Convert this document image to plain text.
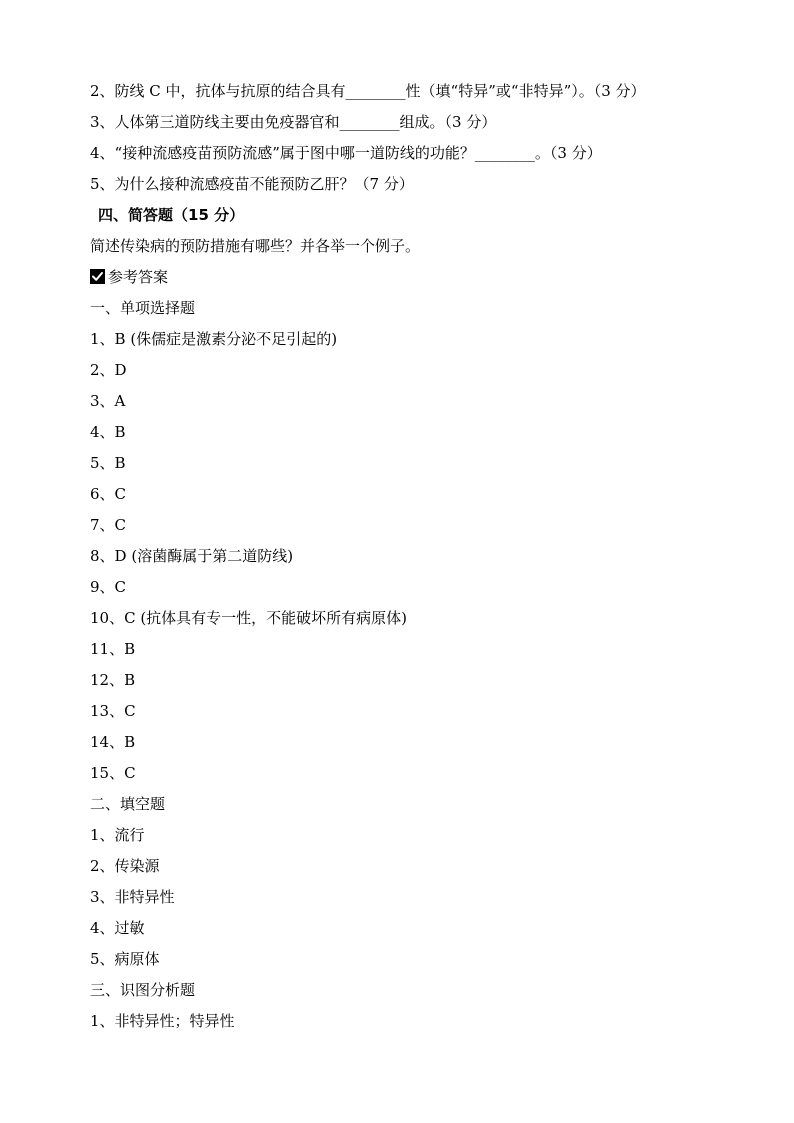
2、防线 C 中，抗体与抗原的结合具有________性（填“特异”或“非特异”）。（3 分）
3、人体第三道防线主要由免疫器官和________组成。（3 分）
4、“接种流感疫苗预防流感”属于图中哪一道防线的功能？________。（3 分）
5、为什么接种流感疫苗不能预防乙肝？（7 分）
四、简答题（15 分）
简述传染病的预防措施有哪些？并各举一个例子。
参考答案
一、单项选择题
1、B (侏儒症是激素分泌不足引起的)
2、D
3、A
4、B
5、B
6、C
7、C
8、D (溶菌酶属于第二道防线)
9、C
10、C (抗体具有专一性，不能破坏所有病原体)
11、B
12、B
13、C
14、B
15、C
二、填空题
1、流行
2、传染源
3、非特异性
4、过敏
5、病原体
三、识图分析题
1、非特异性；特异性
